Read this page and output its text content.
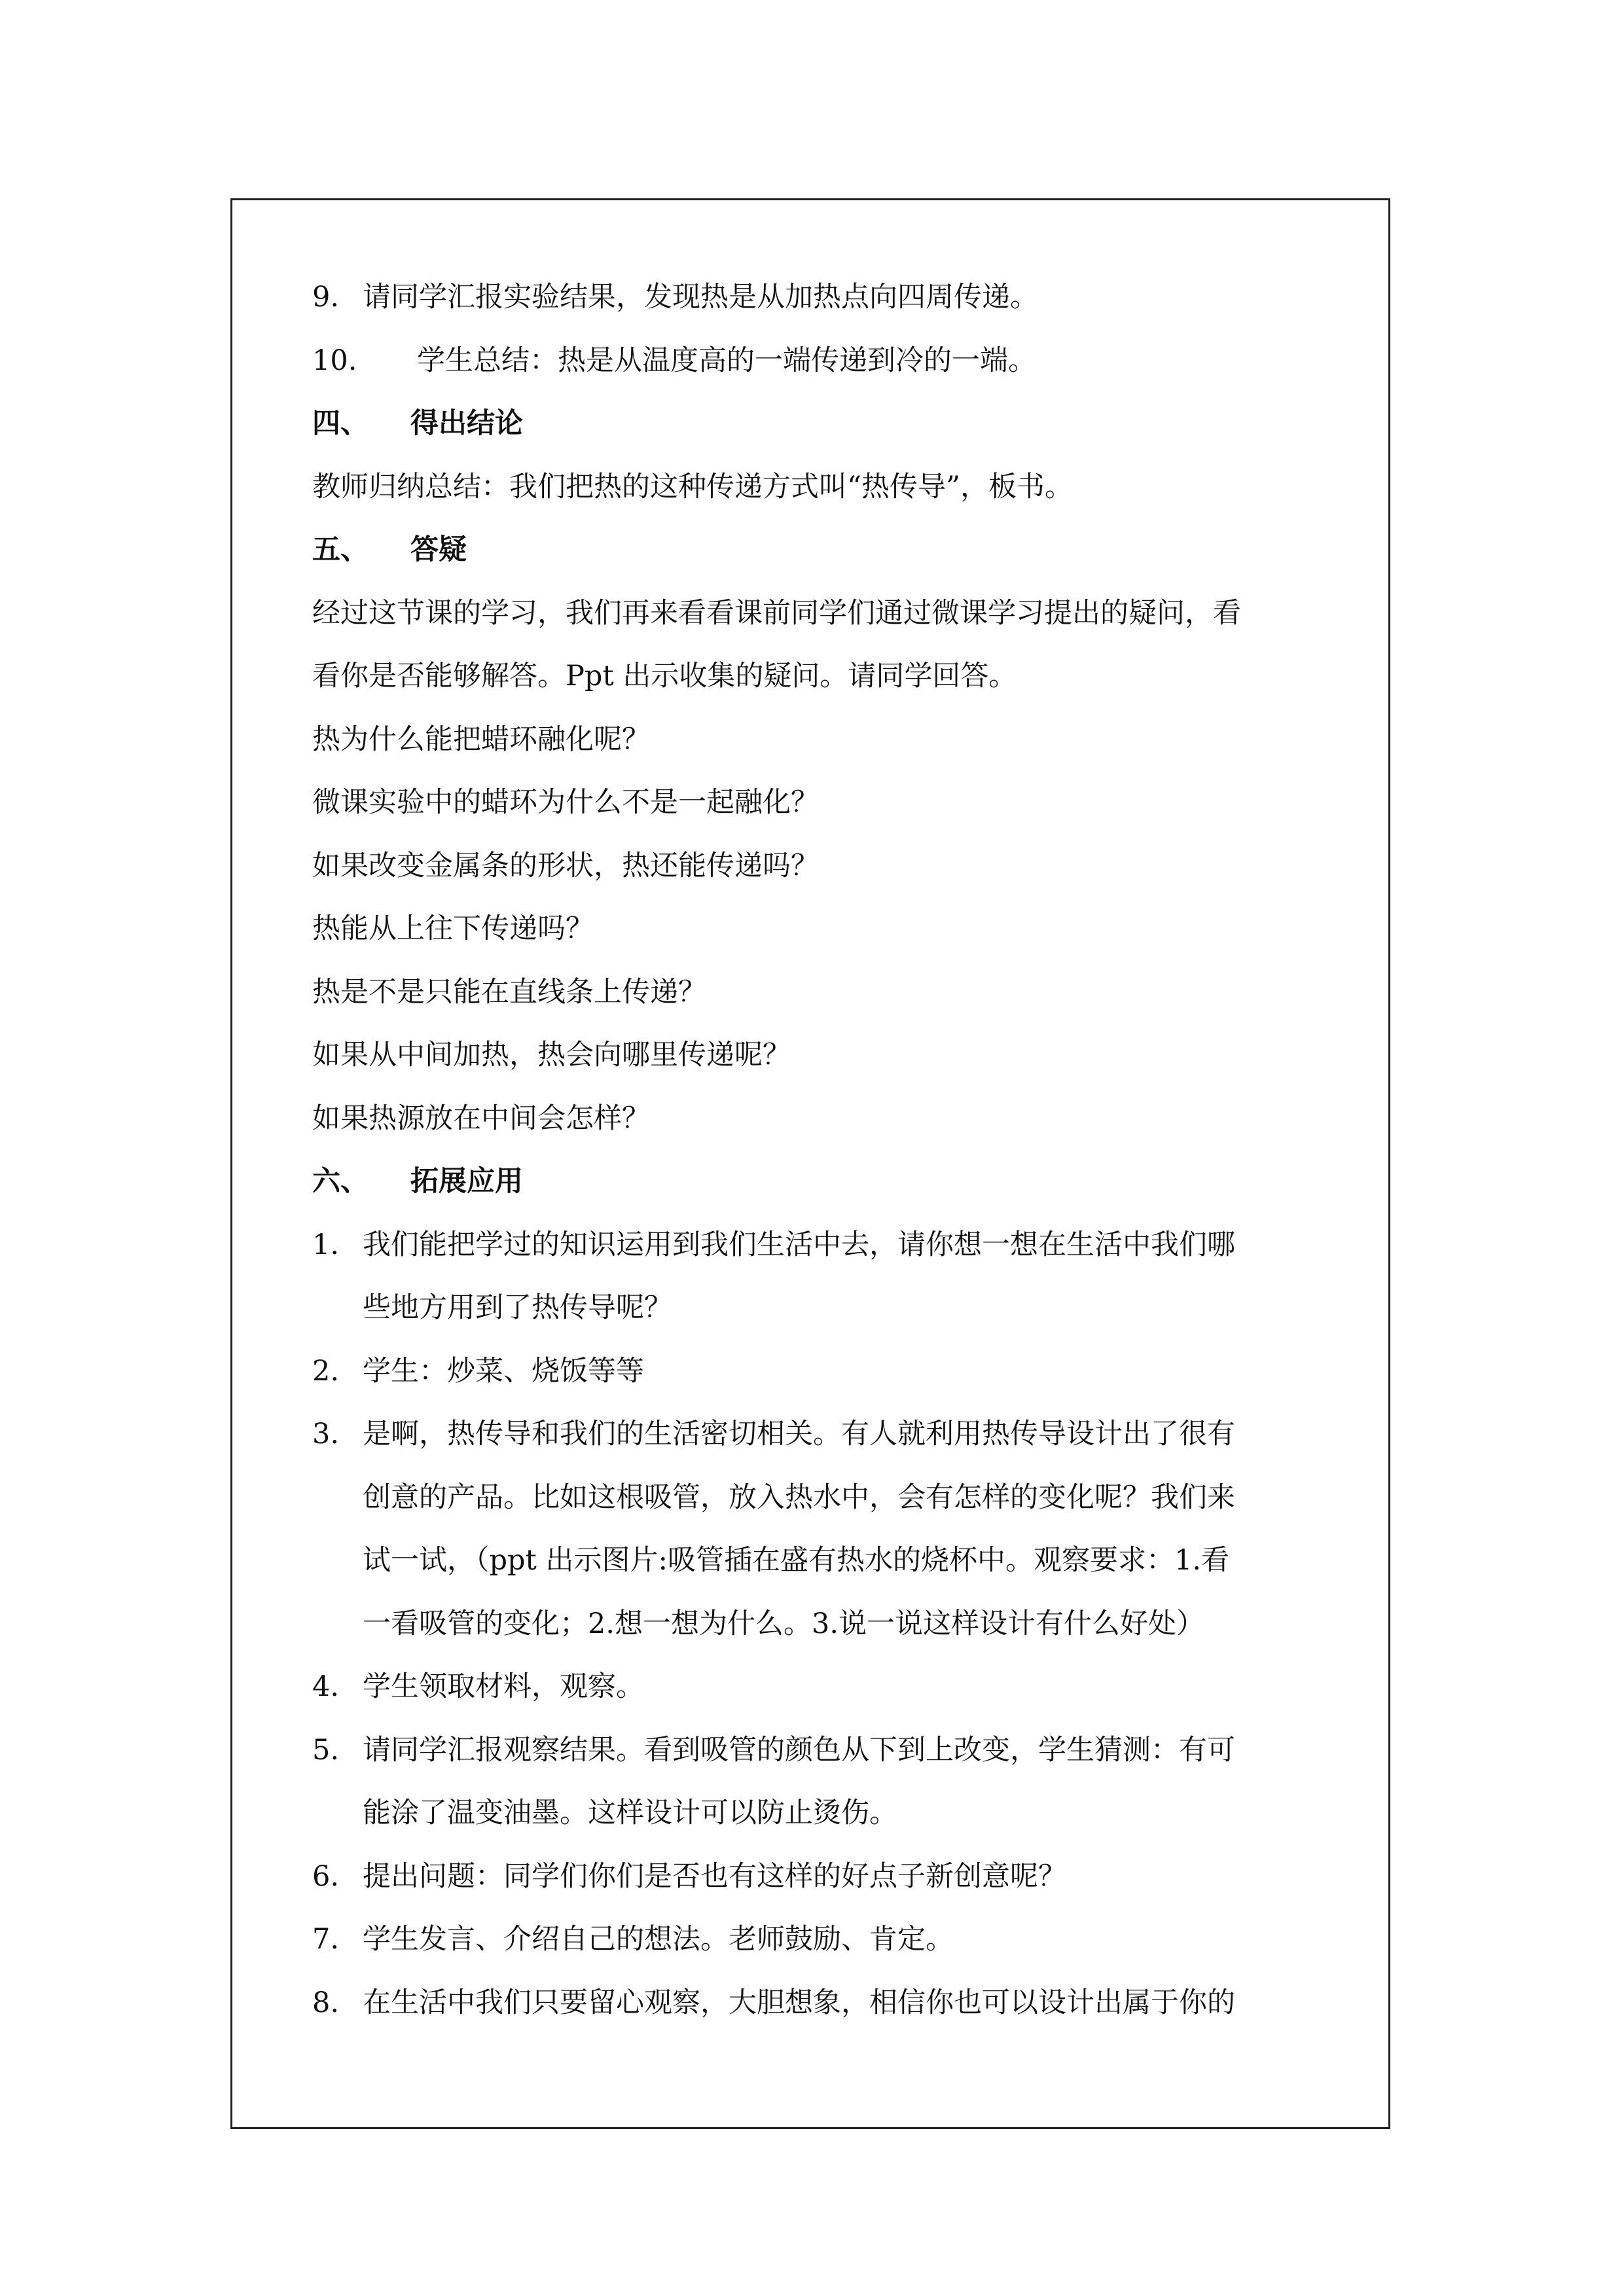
9. 请同学汇报实验结果，发现热是从加热点向四周传递。
10. 学生总结：热是从温度高的一端传递到冷的一端。
四、 得出结论
教师归纳总结：我们把热的这种传递方式叫“热传导”，板书。
五、 答疑
经过这节课的学习，我们再来看看课前同学们通过微课学习提出的疑问，看
看你是否能够解答。Ppt 出示收集的疑问。请同学回答。
热为什么能把蜡环融化呢？
微课实验中的蜡环为什么不是一起融化？
如果改变金属条的形状，热还能传递吗？
热能从上往下传递吗？
热是不是只能在直线条上传递？
如果从中间加热，热会向哪里传递呢？
如果热源放在中间会怎样？
六、 拓展应用
1. 我们能把学过的知识运用到我们生活中去，请你想一想在生活中我们哪
些地方用到了热传导呢？
2. 学生：炒菜、烧饭等等
3. 是啊，热传导和我们的生活密切相关。有人就利用热传导设计出了很有
创意的产品。比如这根吸管，放入热水中，会有怎样的变化呢？我们来
试一试，（ppt 出示图片:吸管插在盛有热水的烧杯中。观察要求：1.看
一看吸管的变化；2.想一想为什么。3.说一说这样设计有什么好处）
4. 学生领取材料，观察。
5. 请同学汇报观察结果。看到吸管的颜色从下到上改变，学生猜测：有可
能涂了温变油墨。这样设计可以防止烫伤。
6. 提出问题：同学们你们是否也有这样的好点子新创意呢？
7. 学生发言、介绍自己的想法。老师鼓励、肯定。
8. 在生活中我们只要留心观察，大胆想象，相信你也可以设计出属于你的
